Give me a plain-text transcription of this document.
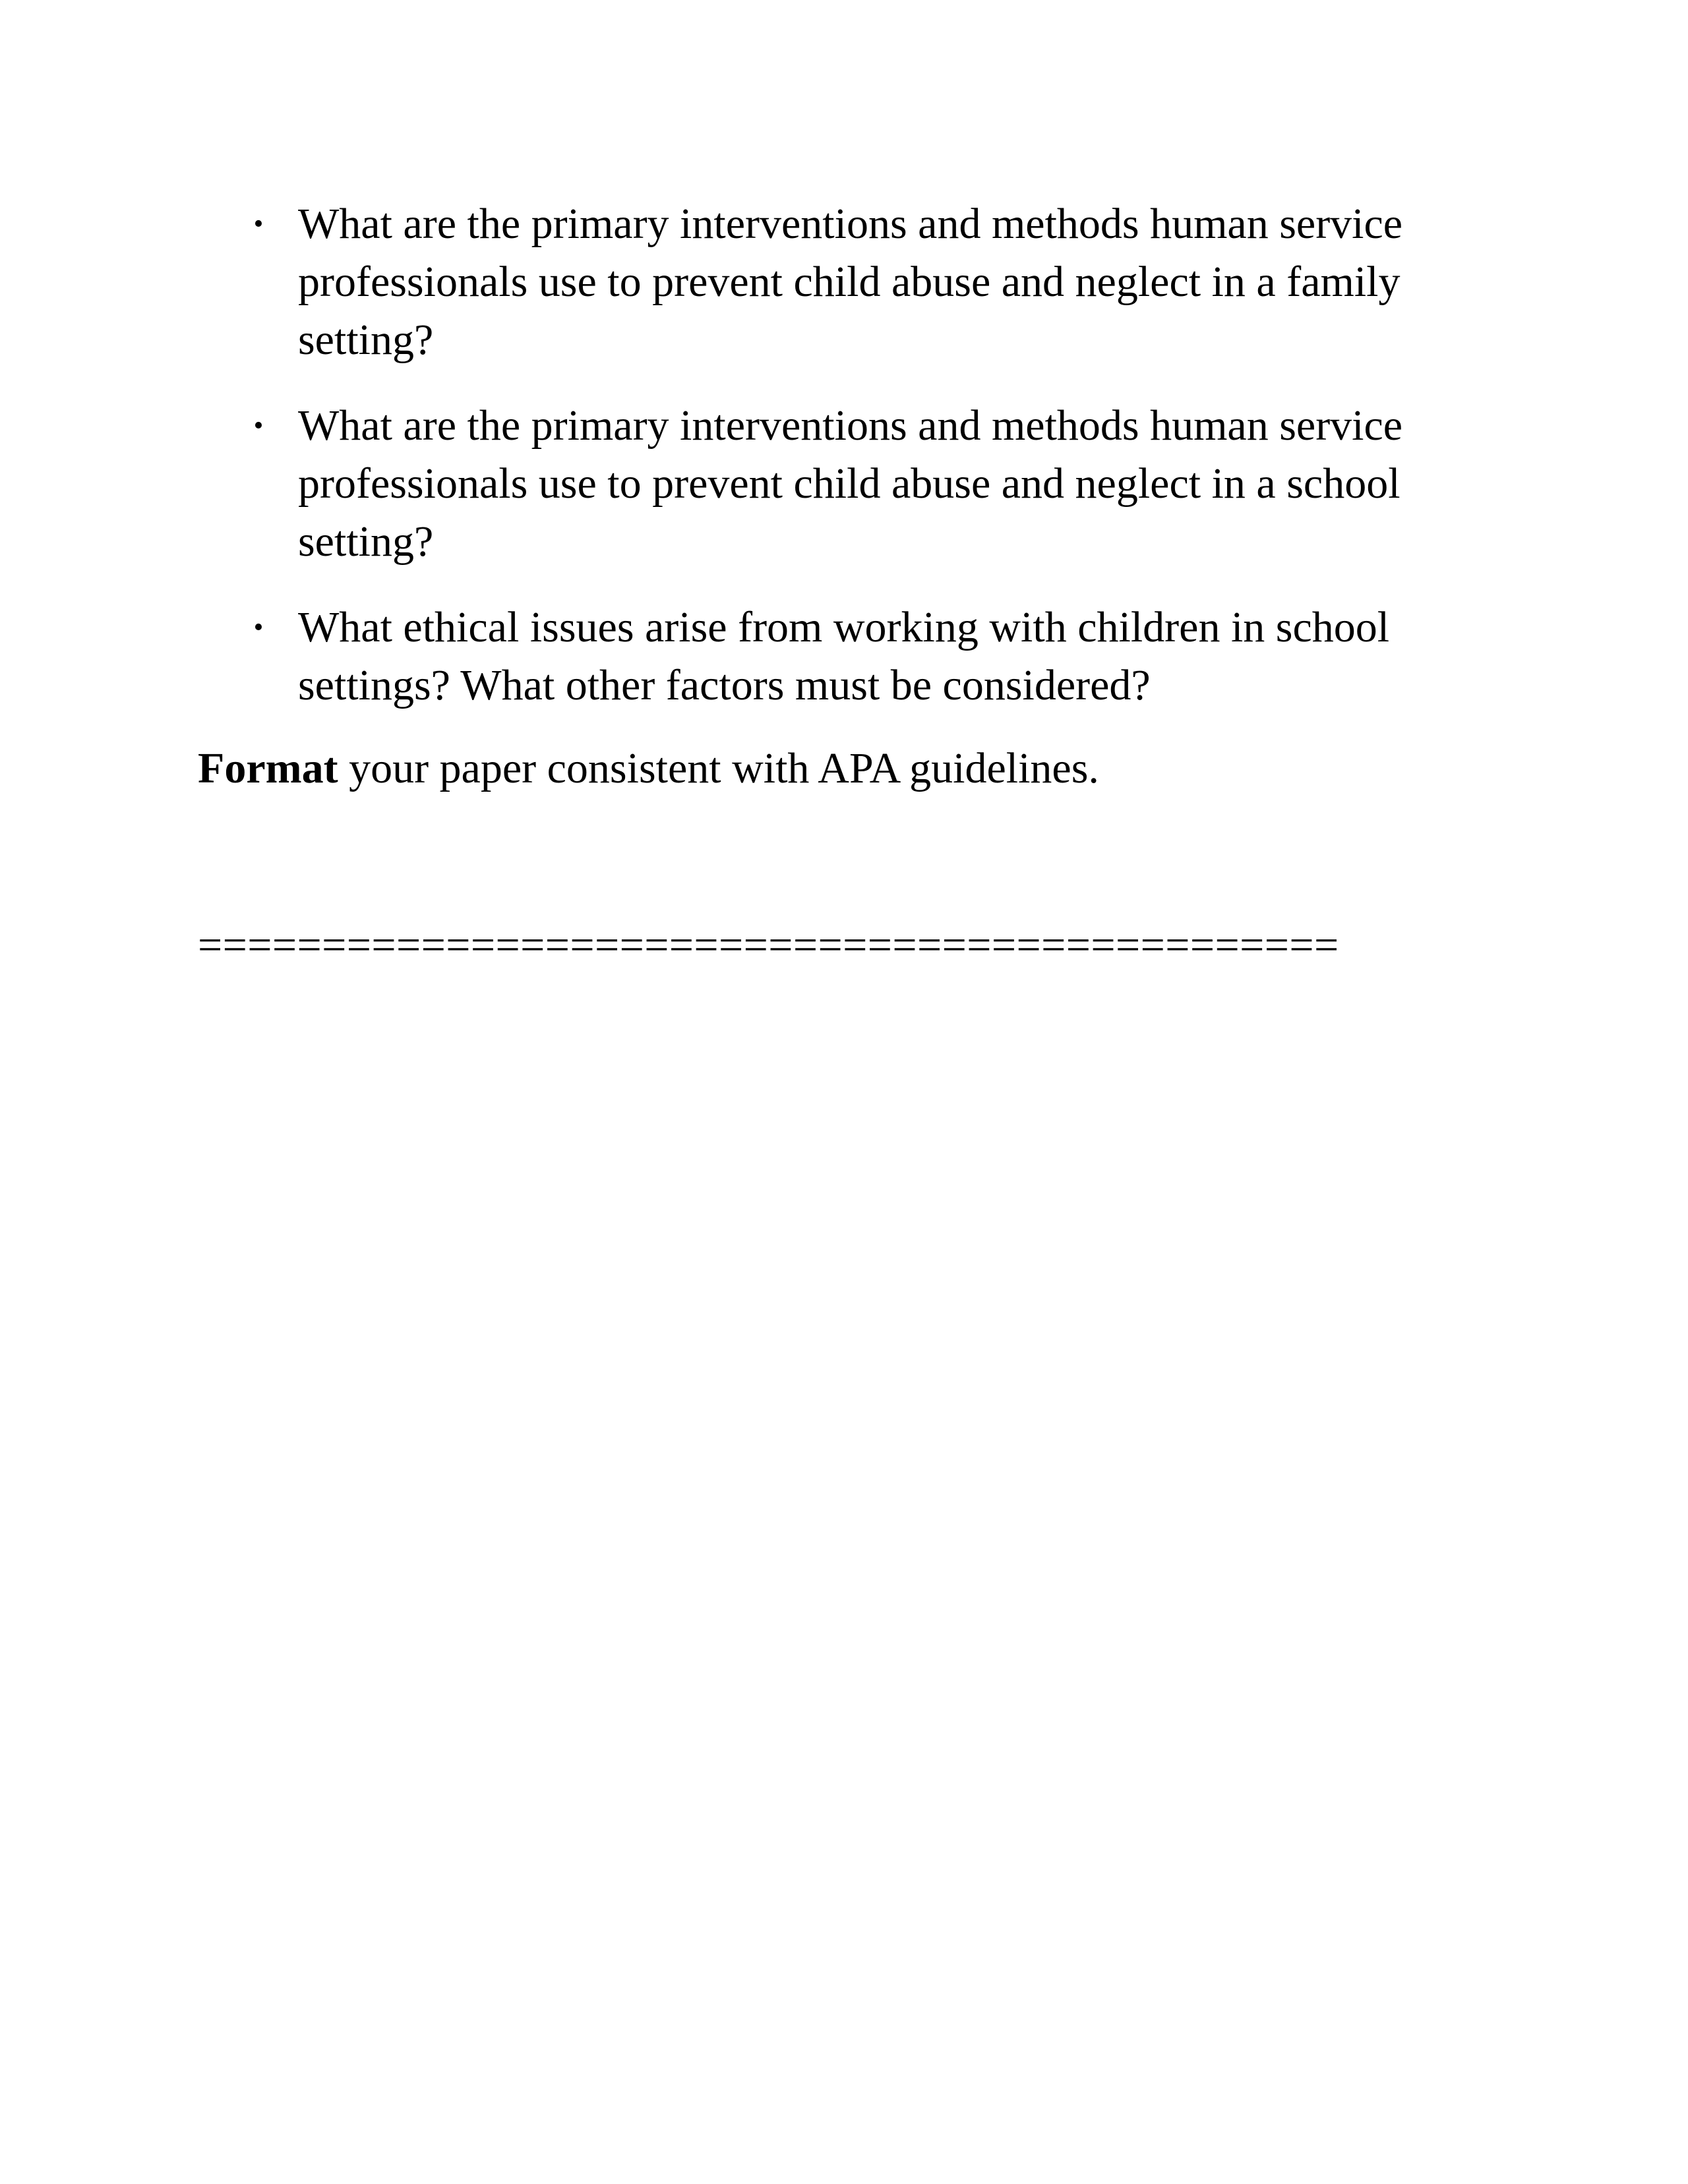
• What are the primary interventions and methods human service professionals use to prevent child abuse and neglect in a family setting?
• What are the primary interventions and methods human service professionals use to prevent child abuse and neglect in a school setting?
• What ethical issues arise from working with children in school settings? What other factors must be considered?

Format your paper consistent with APA guidelines.

==============================================
